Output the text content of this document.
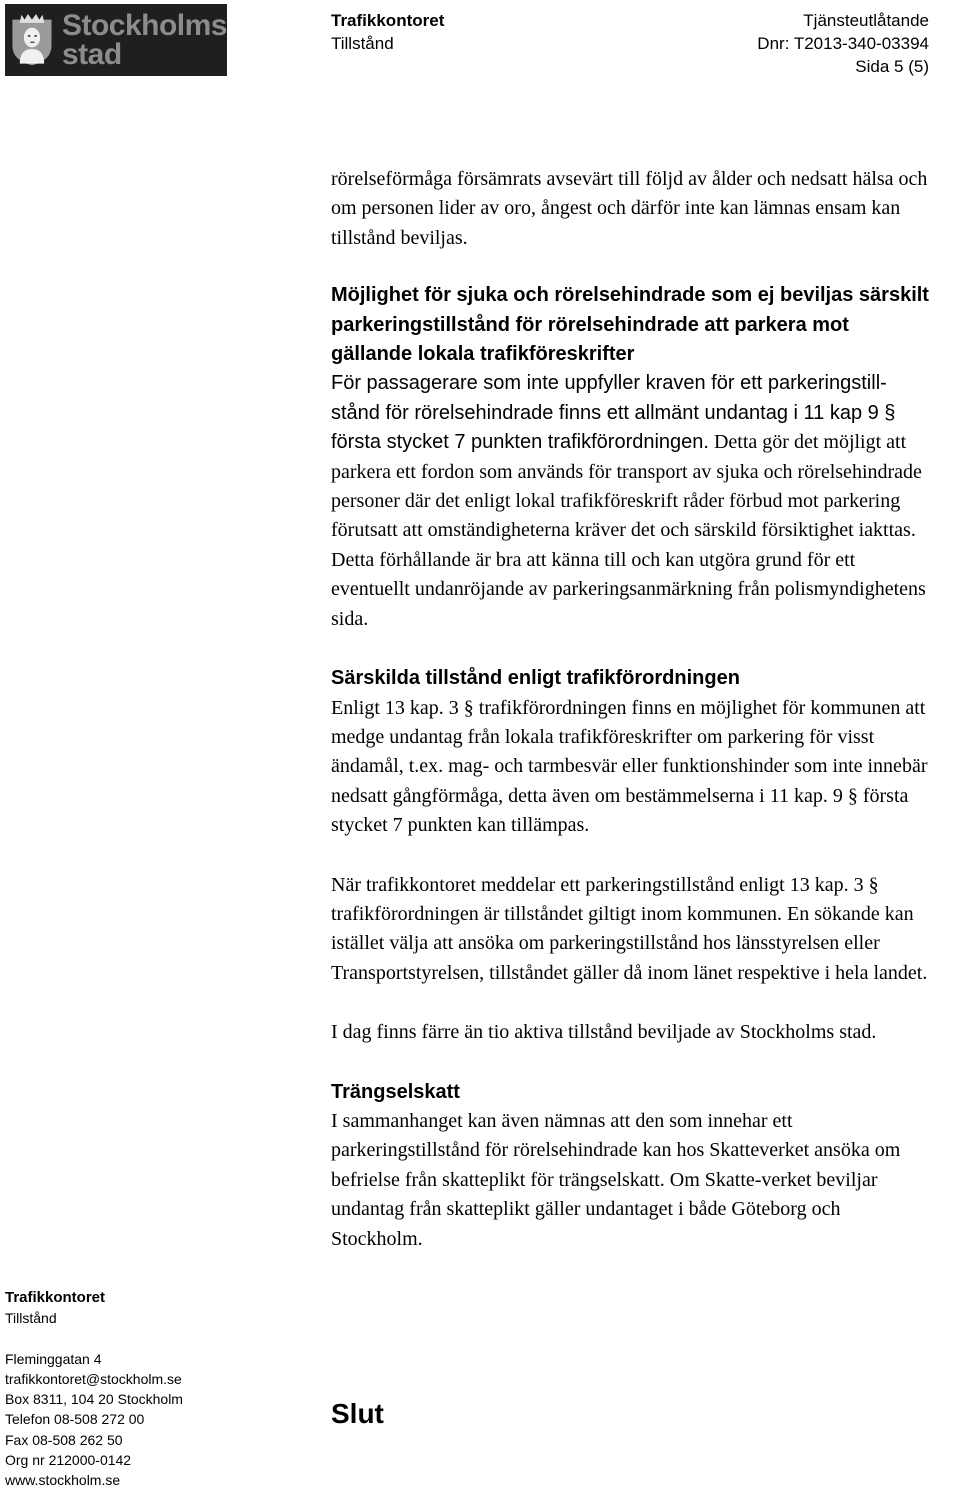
Stockholms
stad
Trafikkontoret
Tillstånd
Tjänsteutlåtande
Dnr: T2013-340-03394
Sida 5 (5)

rörelseförmåga försämrats avsevärt till följd av ålder och nedsatt hälsa och om personen lider av oro, ångest och därför inte kan lämnas ensam kan tillstånd beviljas.

Möjlighet för sjuka och rörelsehindrade som ej beviljas särskilt parkeringstillstånd för rörelsehindrade att parkera mot gällande lokala trafikföreskrifter

För passagerare som inte uppfyller kraven för ett parkeringstill-stånd för rörelsehindrade finns ett allmänt undantag i 11 kap 9 § första stycket 7 punkten trafikförordningen. Detta gör det möjligt att parkera ett fordon som används för transport av sjuka och rörelsehindrade personer där det enligt lokal trafikföreskrift råder förbud mot parkering förutsatt att omständigheterna kräver det och särskild försiktighet iakttas. Detta förhållande är bra att känna till och kan utgöra grund för ett eventuellt undanröjande av parkeringsanmärkning från polismyndighetens sida.

Särskilda tillstånd enligt trafikförordningen

Enligt 13 kap. 3 § trafikförordningen finns en möjlighet för kommunen att medge undantag från lokala trafikföreskrifter om parkering för visst ändamål, t.ex. mag- och tarmbesvär eller funktionshinder som inte innebär nedsatt gångförmåga, detta även om bestämmelserna i 11 kap. 9 § första stycket 7 punkten kan tillämpas.

När trafikkontoret meddelar ett parkeringstillstånd enligt 13 kap. 3 § trafikförordningen är tillståndet giltigt inom kommunen. En sökande kan istället välja att ansöka om parkeringstillstånd hos länsstyrelsen eller Transportstyrelsen, tillståndet gäller då inom länet respektive i hela landet.

I dag finns färre än tio aktiva tillstånd beviljade av Stockholms stad.

Trängselskatt

I sammanhanget kan även nämnas att den som innehar ett parkeringstillstånd för rörelsehindrade kan hos Skatteverket ansöka om befrielse från skatteplikt för trängselskatt. Om Skatte-verket beviljar undantag från skatteplikt gäller undantaget i både Göteborg och Stockholm.

Slut
Trafikkontoret
Tillstånd
Fleminggatan 4
trafikkontoret@stockholm.se
Box 8311, 104 20 Stockholm
Telefon 08-508 272 00
Fax 08-508 262 50
Org nr 212000-0142
www.stockholm.se
